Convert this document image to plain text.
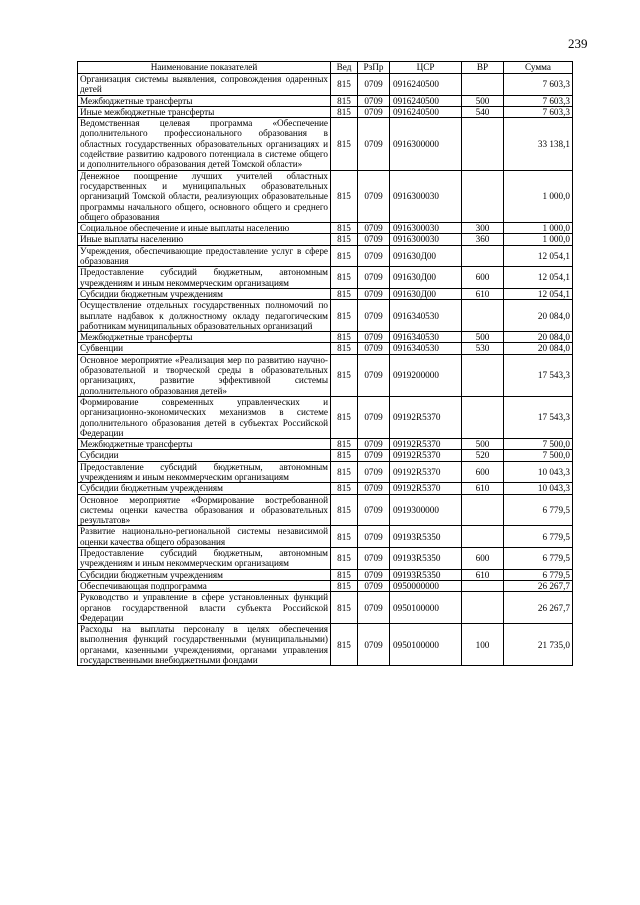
239
Наименование показателей	Вед	РзПр	ЦСР	ВР	Сумма
Организация системы выявления, сопровождения одаренных детей	815	0709	0916240500		7 603,3
Межбюджетные трансферты	815	0709	0916240500	500	7 603,3
Иные межбюджетные трансферты	815	0709	0916240500	540	7 603,3
Ведомственная целевая программа «Обеспечение дополнительного профессионального образования в областных государственных образовательных организациях и содействие развитию кадрового потенциала в системе общего и дополнительного образования детей Томской области»	815	0709	0916300000		33 138,1
Денежное поощрение лучших учителей областных государственных и муниципальных образовательных организаций Томской области, реализующих образовательные программы начального общего, основного общего и среднего общего образования	815	0709	0916300030		1 000,0
Социальное обеспечение и иные выплаты населению	815	0709	0916300030	300	1 000,0
Иные выплаты населению	815	0709	0916300030	360	1 000,0
Учреждения, обеспечивающие предоставление услуг в сфере образования	815	0709	091630Д00		12 054,1
Предоставление субсидий бюджетным, автономным учреждениям и иным некоммерческим организациям	815	0709	091630Д00	600	12 054,1
Субсидии бюджетным учреждениям	815	0709	091630Д00	610	12 054,1
Осуществление отдельных государственных полномочий по выплате надбавок к должностному окладу педагогическим работникам муниципальных образовательных организаций	815	0709	0916340530		20 084,0
Межбюджетные трансферты	815	0709	0916340530	500	20 084,0
Субвенции	815	0709	0916340530	530	20 084,0
Основное мероприятие «Реализация мер по развитию научно-образовательной и творческой среды в образовательных организациях, развитие эффективной системы дополнительного образования детей»	815	0709	0919200000		17 543,3
Формирование современных управленческих и организационно-экономических механизмов в системе дополнительного образования детей в субъектах Российской Федерации	815	0709	09192R5370		17 543,3
Межбюджетные трансферты	815	0709	09192R5370	500	7 500,0
Субсидии	815	0709	09192R5370	520	7 500,0
Предоставление субсидий бюджетным, автономным учреждениям и иным некоммерческим организациям	815	0709	09192R5370	600	10 043,3
Субсидии бюджетным учреждениям	815	0709	09192R5370	610	10 043,3
Основное мероприятие «Формирование востребованной системы оценки качества образования и образовательных результатов»	815	0709	0919300000		6 779,5
Развитие национально-региональной системы независимой оценки качества общего образования	815	0709	09193R5350		6 779,5
Предоставление субсидий бюджетным, автономным учреждениям и иным некоммерческим организациям	815	0709	09193R5350	600	6 779,5
Субсидии бюджетным учреждениям	815	0709	09193R5350	610	6 779,5
Обеспечивающая подпрограмма	815	0709	0950000000		26 267,7
Руководство и управление в сфере установленных функций органов государственной власти субъекта Российской Федерации	815	0709	0950100000		26 267,7
Расходы на выплаты персоналу в целях обеспечения выполнения функций государственными (муниципальными) органами, казенными учреждениями, органами управления государственными внебюджетными фондами	815	0709	0950100000	100	21 735,0
